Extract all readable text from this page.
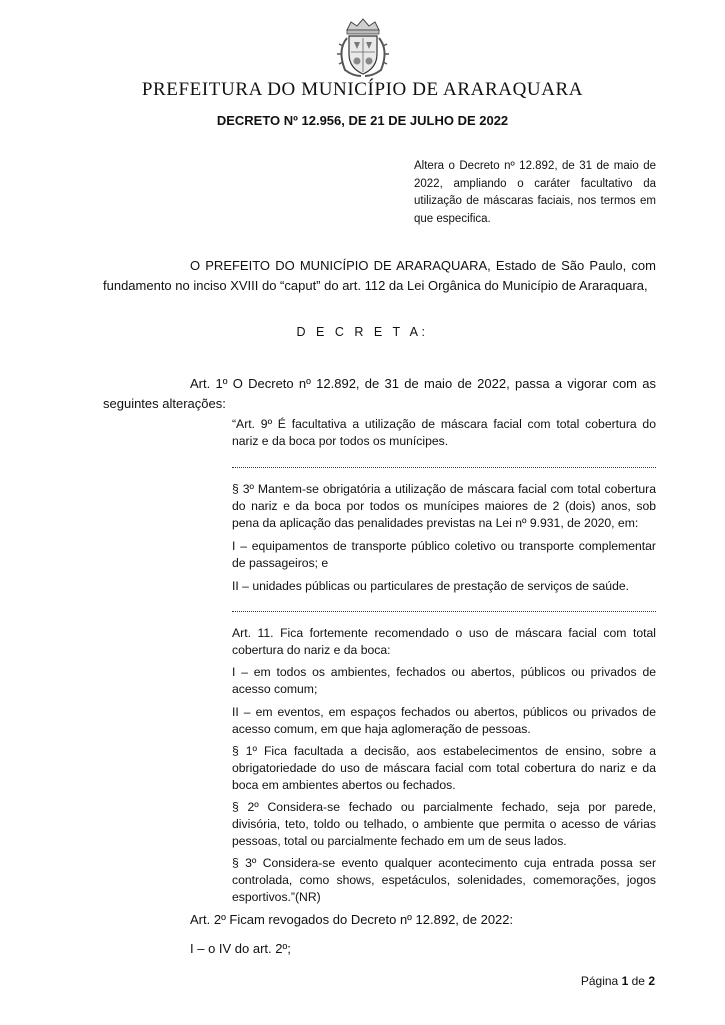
PREFEITURA DO MUNICÍPIO DE ARARAQUARA
DECRETO Nº 12.956, DE 21 DE JULHO DE 2022
Altera o Decreto nº 12.892, de 31 de maio de 2022, ampliando o caráter facultativo da utilização de máscaras faciais, nos termos em que especifica.
O PREFEITO DO MUNICÍPIO DE ARARAQUARA, Estado de São Paulo, com fundamento no inciso XVIII do “caput” do art. 112 da Lei Orgânica do Município de Araraquara,
D E C R E T A:
Art. 1º O Decreto nº 12.892, de 31 de maio de 2022, passa a vigorar com as seguintes alterações:
“Art. 9º É facultativa a utilização de máscara facial com total cobertura do nariz e da boca por todos os munícipes.
§ 3º Mantem-se obrigatória a utilização de máscara facial com total cobertura do nariz e da boca por todos os munícipes maiores de 2 (dois) anos, sob pena da aplicação das penalidades previstas na Lei nº 9.931, de 2020, em:
I – equipamentos de transporte público coletivo ou transporte complementar de passageiros; e
II – unidades públicas ou particulares de prestação de serviços de saúde.
Art. 11. Fica fortemente recomendado o uso de máscara facial com total cobertura do nariz e da boca:
I – em todos os ambientes, fechados ou abertos, públicos ou privados de acesso comum;
II – em eventos, em espaços fechados ou abertos, públicos ou privados de acesso comum, em que haja aglomeração de pessoas.
§ 1º Fica facultada a decisão, aos estabelecimentos de ensino, sobre a obrigatoriedade do uso de máscara facial com total cobertura do nariz e da boca em ambientes abertos ou fechados.
§ 2º Considera-se fechado ou parcialmente fechado, seja por parede, divisória, teto, toldo ou telhado, o ambiente que permita o acesso de várias pessoas, total ou parcialmente fechado em um de seus lados.
§ 3º Considera-se evento qualquer acontecimento cuja entrada possa ser controlada, como shows, espetáculos, solenidades, comemorações, jogos esportivos.”(NR)
Art. 2º Ficam revogados do Decreto nº 12.892, de 2022:
I – o IV do art. 2º;
Página 1 de 2
